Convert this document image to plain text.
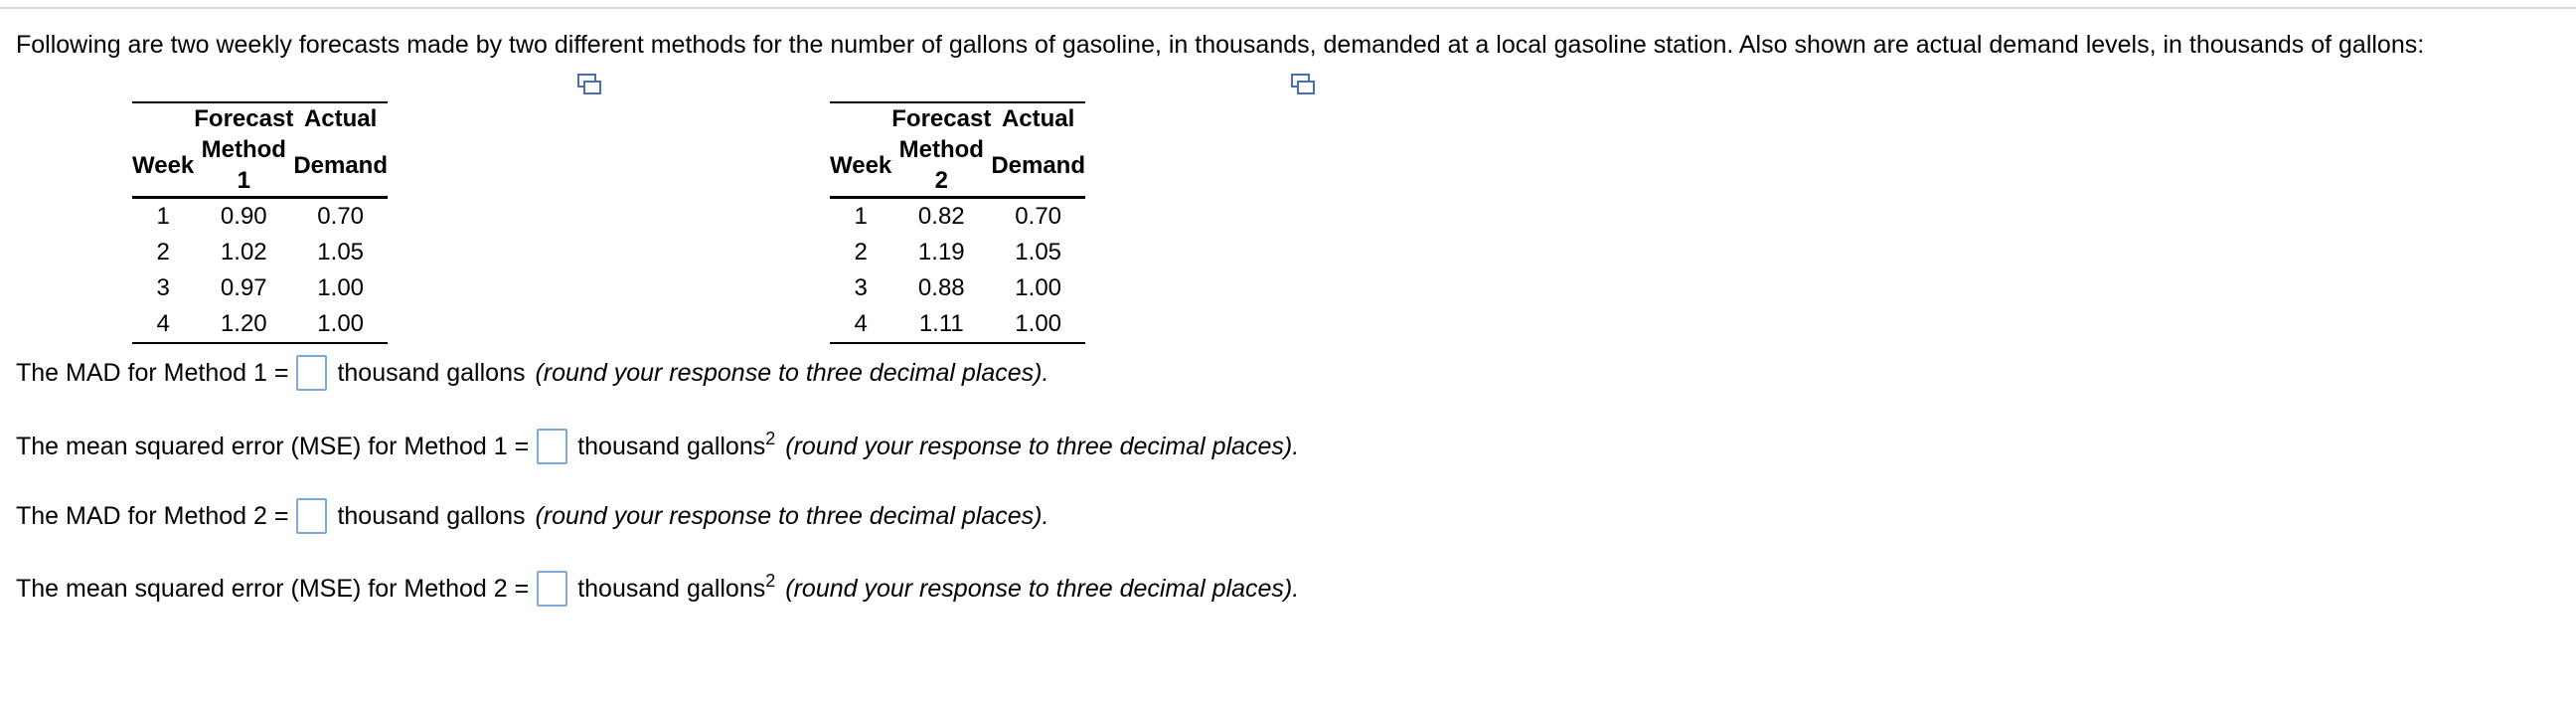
Following are two weekly forecasts made by two different methods for the number of gallons of gasoline, in thousands, demanded at a local gasoline station. Also shown are actual demand levels, in thousands of gallons:
	Forecast	Actual
Week	Method 1	Demand
1	0.90	0.70
2	1.02	1.05
3	0.97	1.00
4	1.20	1.00
	Forecast	Actual
Week	Method 2	Demand
1	0.82	0.70
2	1.19	1.05
3	0.88	1.00
4	1.11	1.00
The MAD for Method 1 = thousand gallons (round your response to three decimal places).
The mean squared error (MSE) for Method 1 = thousand gallons$^2$ (round your response to three decimal places).
The MAD for Method 2 = thousand gallons (round your response to three decimal places).
The mean squared error (MSE) for Method 2 = thousand gallons$^2$ (round your response to three decimal places).
